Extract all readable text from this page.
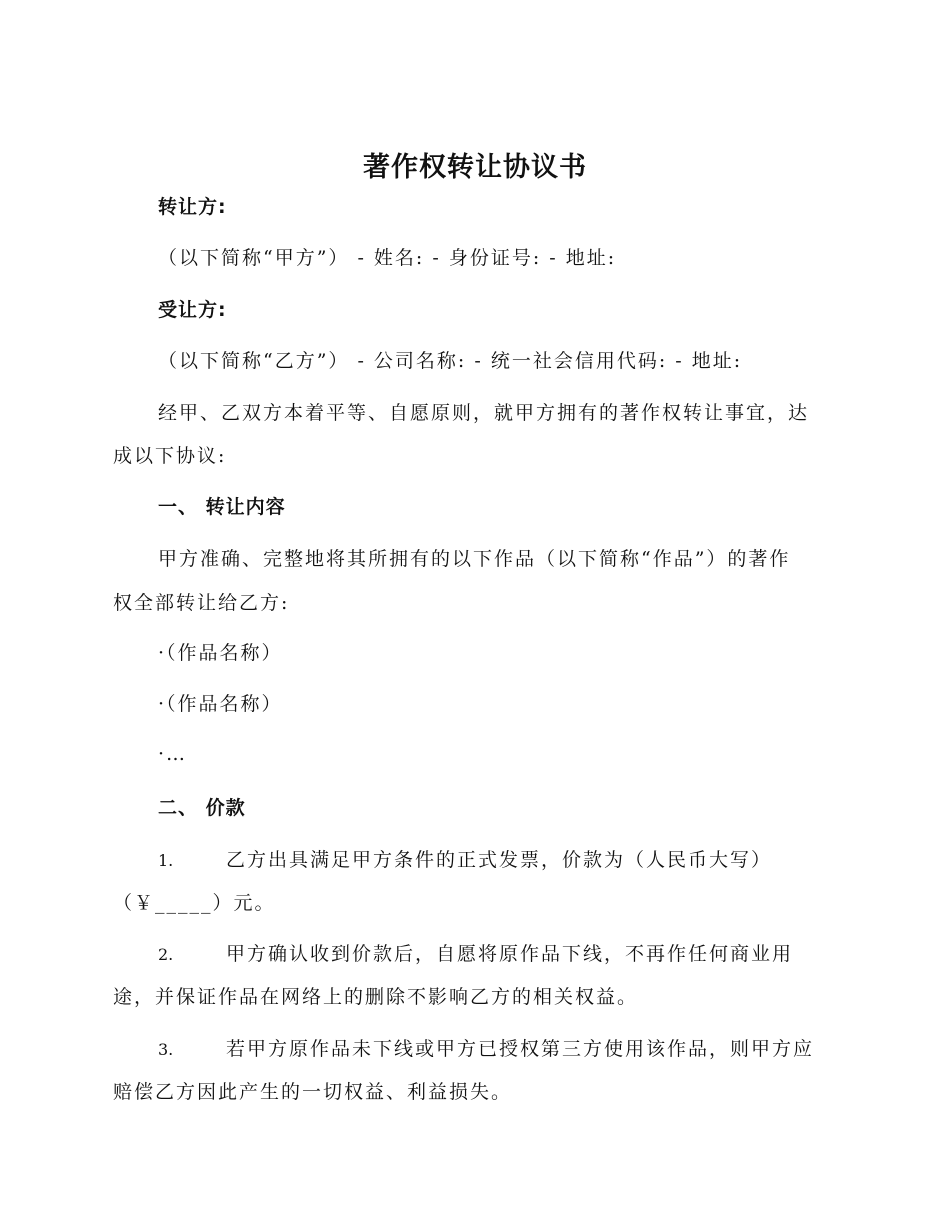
著作权转让协议书
转让方:
（以下简称“甲方”） - 姓名: - 身份证号: - 地址:
受让方:
（以下简称“乙方”） - 公司名称: - 统一社会信用代码: - 地址:
经甲、乙双方本着平等、自愿原则，就甲方拥有的著作权转让事宜，达
成以下协议:
一、 转让内容
甲方准确、完整地将其所拥有的以下作品（以下简称“作品”）的著作
权全部转让给乙方:
·（作品名称）
·（作品名称）
·…
二、 价款
1.	乙方出具满足甲方条件的正式发票，价款为（人民币大写）
（￥_____）元。
2.	甲方确认收到价款后，自愿将原作品下线，不再作任何商业用
途，并保证作品在网络上的删除不影响乙方的相关权益。
3.	若甲方原作品未下线或甲方已授权第三方使用该作品，则甲方应
赔偿乙方因此产生的一切权益、利益损失。
